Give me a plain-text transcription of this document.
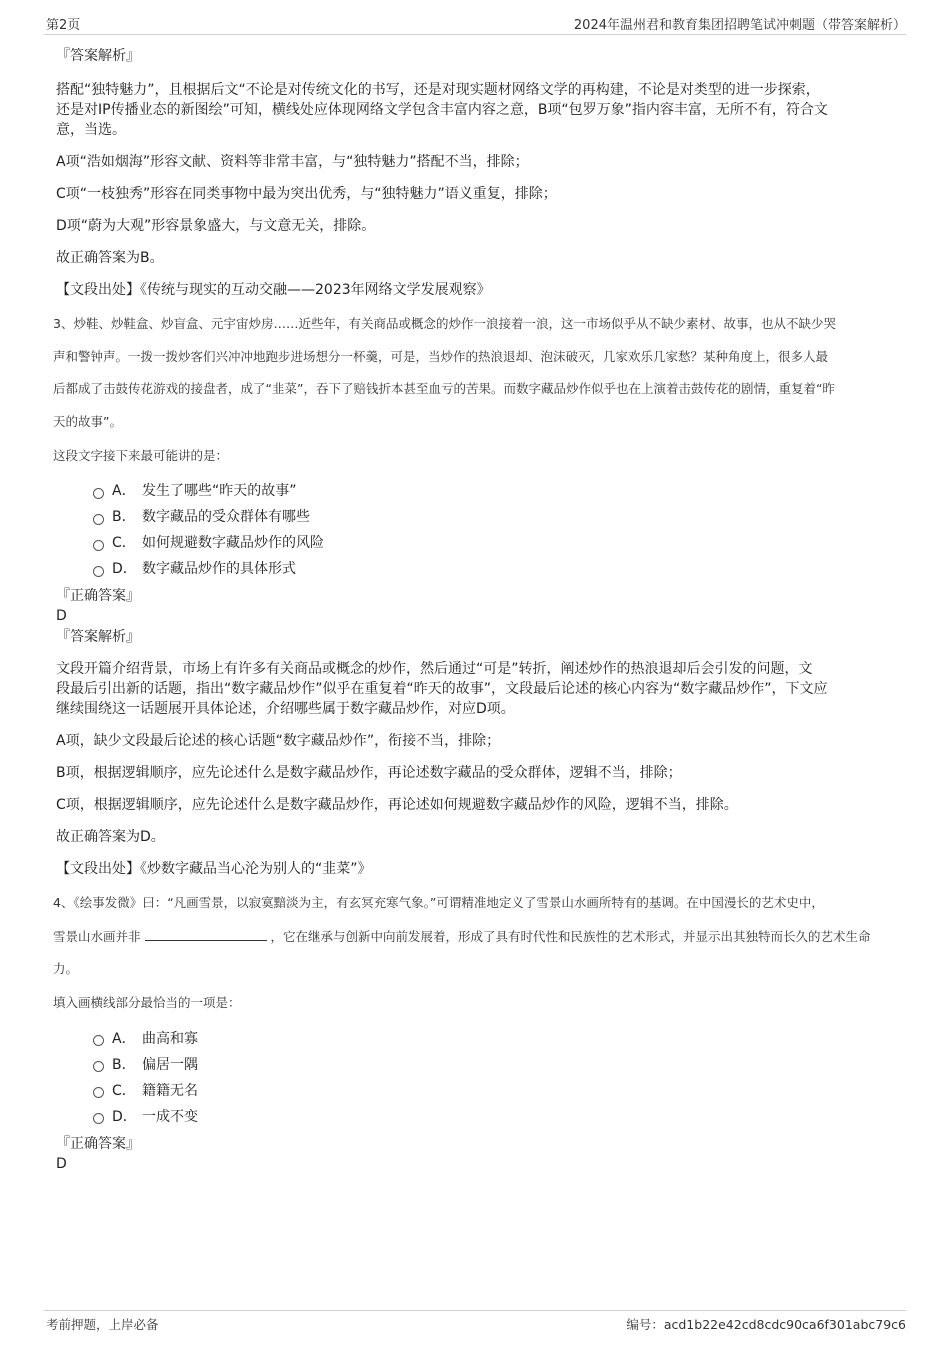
第2页	2024年温州君和教育集团招聘笔试冲刺题（带答案解析）

『答案解析』

搭配“独特魅力”，且根据后文“不论是对传统文化的书写，还是对现实题材网络文学的再构建，不论是对类型的进一步探索，

还是对IP传播业态的新图绘”可知，横线处应体现网络文学包含丰富内容之意，B项“包罗万象”指内容丰富，无所不有，符合文

意，当选。

A项“浩如烟海”形容文献、资料等非常丰富，与“独特魅力”搭配不当，排除；

C项“一枝独秀”形容在同类事物中最为突出优秀，与“独特魅力”语义重复，排除；

D项“蔚为大观”形容景象盛大，与文意无关，排除。

故正确答案为B。

【文段出处】《传统与现实的互动交融——2023年网络文学发展观察》

3、炒鞋、炒鞋盒、炒盲盒、元宇宙炒房……近些年，有关商品或概念的炒作一浪接着一浪，这一市场似乎从不缺少素材、故事，也从不缺少哭

声和警钟声。一拨一拨炒客们兴冲冲地跑步进场想分一杯羹，可是，当炒作的热浪退却、泡沫破灭，几家欢乐几家愁？某种角度上，很多人最

后都成了击鼓传花游戏的接盘者，成了“韭菜”，吞下了赔钱折本甚至血亏的苦果。而数字藏品炒作似乎也在上演着击鼓传花的剧情，重复着“昨

天的故事”。

这段文字接下来最可能讲的是：

A． 发生了哪些“昨天的故事”
B． 数字藏品的受众群体有哪些
C． 如何规避数字藏品炒作的风险
D． 数字藏品炒作的具体形式

『正确答案』

D

『答案解析』

文段开篇介绍背景，市场上有许多有关商品或概念的炒作，然后通过“可是”转折，阐述炒作的热浪退却后会引发的问题，文

段最后引出新的话题，指出“数字藏品炒作”似乎在重复着“昨天的故事”，文段最后论述的核心内容为“数字藏品炒作”，下文应

继续围绕这一话题展开具体论述，介绍哪些属于数字藏品炒作，对应D项。

A项，缺少文段最后论述的核心话题“数字藏品炒作”，衔接不当，排除；

B项，根据逻辑顺序，应先论述什么是数字藏品炒作，再论述数字藏品的受众群体，逻辑不当，排除；

C项，根据逻辑顺序，应先论述什么是数字藏品炒作，再论述如何规避数字藏品炒作的风险，逻辑不当，排除。

故正确答案为D。

【文段出处】《炒数字藏品当心沦为别人的“韭菜”》

4、《绘事发微》曰：“凡画雪景，以寂寞黯淡为主，有玄冥充寒气象。”可谓精准地定义了雪景山水画所特有的基调。在中国漫长的艺术史中，

雪景山水画并非	，它在继承与创新中向前发展着，形成了具有时代性和民族性的艺术形式，并显示出其独特而长久的艺术生命

力。

填入画横线部分最恰当的一项是：

A． 曲高和寡
B． 偏居一隅
C． 籍籍无名
D． 一成不变

『正确答案』

D

考前押题，上岸必备	编号：acd1b22e42cd8cdc90ca6f301abc79c6
